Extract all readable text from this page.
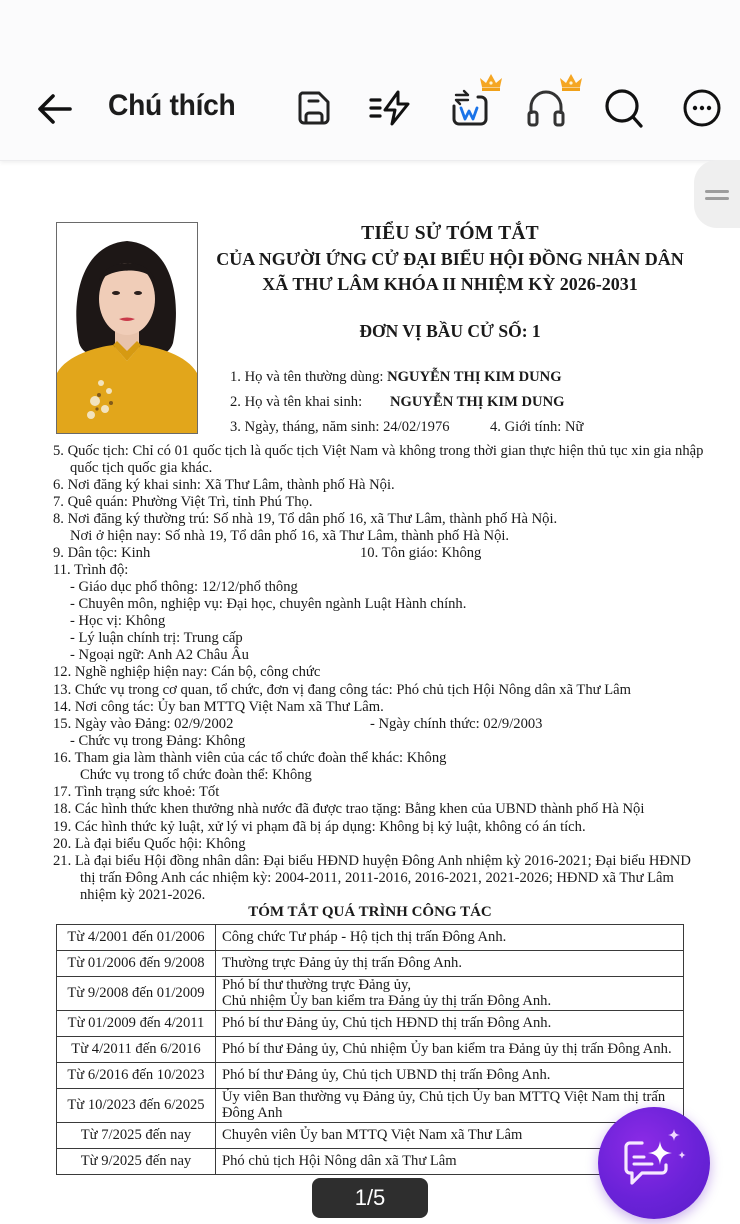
Chú thích
TIỂU SỬ TÓM TẮT
CỦA NGƯỜI ỨNG CỬ ĐẠI BIỂU HỘI ĐỒNG NHÂN DÂN
XÃ THƯ LÂM KHÓA II NHIỆM KỲ 2026-2031
ĐƠN VỊ BẦU CỬ SỐ: 1
1. Họ và tên thường dùng: NGUYỄN THỊ KIM DUNG
2. Họ và tên khai sinh: NGUYỄN THỊ KIM DUNG
3. Ngày, tháng, năm sinh: 24/02/1976	4. Giới tính: Nữ
5. Quốc tịch: Chỉ có 01 quốc tịch là quốc tịch Việt Nam và không trong thời gian thực hiện thủ tục xin gia nhập
quốc tịch quốc gia khác.
6. Nơi đăng ký khai sinh: Xã Thư Lâm, thành phố Hà Nội.
7. Quê quán: Phường Việt Trì, tỉnh Phú Thọ.
8. Nơi đăng ký thường trú: Số nhà 19, Tổ dân phố 16, xã Thư Lâm, thành phố Hà Nội.
Nơi ở hiện nay: Số nhà 19, Tổ dân phố 16, xã Thư Lâm, thành phố Hà Nội.
9. Dân tộc: Kinh	10. Tôn giáo: Không
11. Trình độ:
- Giáo dục phổ thông: 12/12/phổ thông
- Chuyên môn, nghiệp vụ: Đại học, chuyên ngành Luật Hành chính.
- Học vị: Không
- Lý luận chính trị: Trung cấp
- Ngoại ngữ: Anh A2 Châu Âu
12. Nghề nghiệp hiện nay: Cán bộ, công chức
13. Chức vụ trong cơ quan, tổ chức, đơn vị đang công tác: Phó chủ tịch Hội Nông dân xã Thư Lâm
14. Nơi công tác: Ủy ban MTTQ Việt Nam xã Thư Lâm.
15. Ngày vào Đảng: 02/9/2002	- Ngày chính thức: 02/9/2003
- Chức vụ trong Đảng: Không
16. Tham gia làm thành viên của các tổ chức đoàn thể khác: Không
Chức vụ trong tổ chức đoàn thể: Không
17. Tình trạng sức khoẻ: Tốt
18. Các hình thức khen thưởng nhà nước đã được trao tặng: Bằng khen của UBND thành phố Hà Nội
19. Các hình thức kỷ luật, xử lý vi phạm đã bị áp dụng: Không bị kỷ luật, không có án tích.
20. Là đại biểu Quốc hội: Không
21. Là đại biểu Hội đồng nhân dân: Đại biểu HĐND huyện Đông Anh nhiệm kỳ 2016-2021; Đại biểu HĐND
thị trấn Đông Anh các nhiệm kỳ: 2004-2011, 2011-2016, 2016-2021, 2021-2026; HĐND xã Thư Lâm
nhiệm kỳ 2021-2026.
TÓM TẮT QUÁ TRÌNH CÔNG TÁC
Từ 4/2001 đến 01/2006	Công chức Tư pháp - Hộ tịch thị trấn Đông Anh.
Từ 01/2006 đến 9/2008	Thường trực Đảng ủy thị trấn Đông Anh.
Từ 9/2008 đến 01/2009	Phó bí thư thường trực Đảng ủy,
Chủ nhiệm Ủy ban kiểm tra Đảng ủy thị trấn Đông Anh.

Từ 01/2009 đến 4/2011	Phó bí thư Đảng ủy, Chủ tịch HĐND thị trấn Đông Anh.
Từ 4/2011 đến 6/2016	Phó bí thư Đảng ủy, Chủ nhiệm Ủy ban kiểm tra Đảng ủy thị trấn Đông Anh.
Từ 6/2016 đến 10/2023	Phó bí thư Đảng ủy, Chủ tịch UBND thị trấn Đông Anh.
Từ 10/2023 đến 6/2025	Ủy viên Ban thường vụ Đảng ủy, Chủ tịch Ủy ban MTTQ Việt Nam thị trấn
Đông Anh

Từ 7/2025 đến nay	Chuyên viên Ủy ban MTTQ Việt Nam xã Thư Lâm
Từ 9/2025 đến nay	Phó chủ tịch Hội Nông dân xã Thư Lâm
1/5
